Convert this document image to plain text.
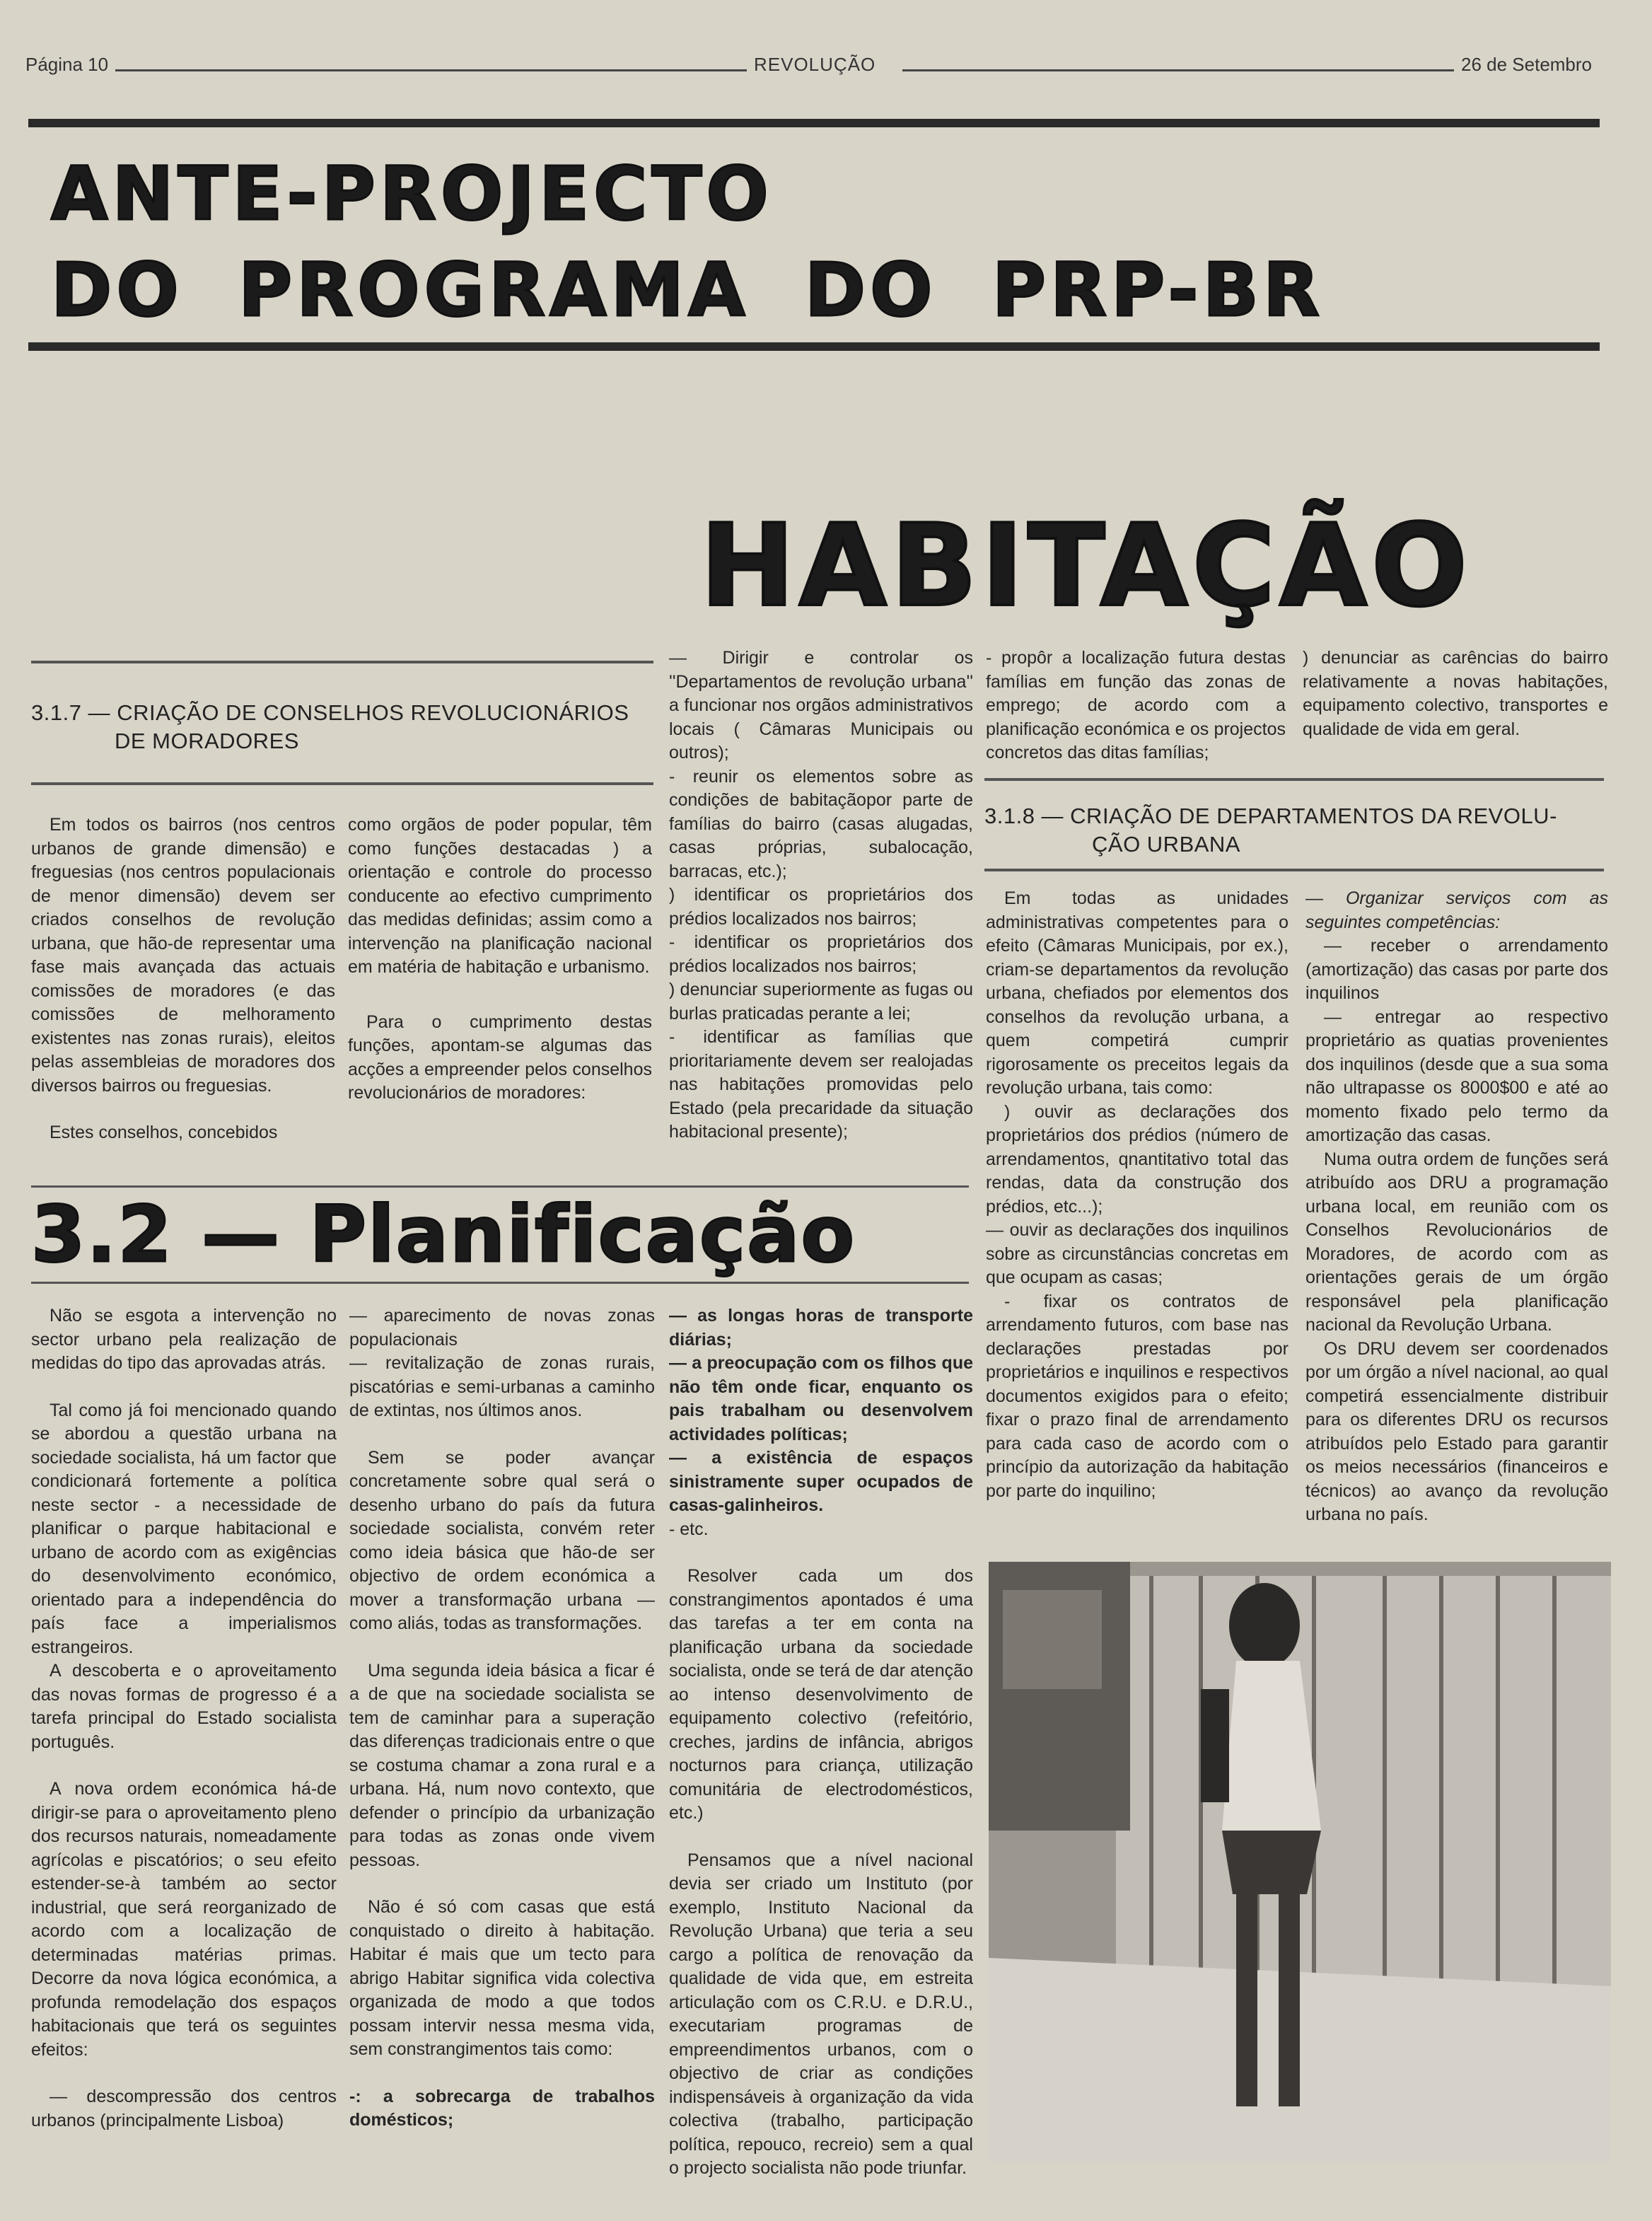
Página 10	REVOLUÇÃO	26 de Setembro
ANTE-PROJECTO
DO PROGRAMA DO PRP-BR
HABITAÇÃO
3.1.7 — CRIAÇÃO DE CONSELHOS REVOLUCIONÁRIOS
DE MORADORES

Em todos os bairros (nos centros urbanos de grande dimensão) e freguesias (nos centros populacionais de menor dimensão) devem ser criados conselhos de revolução urbana, que hão-de representar uma fase mais avançada das actuais comissões de moradores (e das comissões de melhoramento existentes nas zonas rurais), eleitos pelas assembleias de moradores dos diversos bairros ou freguesias.

Estes conselhos, concebidos

como orgãos de poder popular, têm como funções destacadas ) a orientação e controle do processo conducente ao efectivo cumprimento das medidas definidas; assim como a intervenção na planificação nacional em matéria de habitação e urbanismo.

Para o cumprimento destas funções, apontam-se algumas das acções a empreender pelos conselhos revolucionários de moradores:

— Dirigir e controlar os ''Departamentos de revolução urbana'' a funcionar nos orgãos administrativos locais ( Câmaras Municipais ou outros);

- reunir os elementos sobre as condições de babitaçãopor parte de famílias do bairro (casas alugadas, casas próprias, subalocação, barracas, etc.);

) identificar os proprietários dos prédios localizados nos bairros;

- identificar os proprietários dos prédios localizados nos bairros;

) denunciar superiormente as fugas ou burlas praticadas perante a lei;

- identificar as famílias que prioritariamente devem ser realojadas nas habitações promovidas pelo Estado (pela precaridade da situação habitacional presente);

- propôr a localização futura destas famílias em função das zonas de emprego; de acordo com a planificação económica e os projectos concretos das ditas famílias;

) denunciar as carências do bairro relativamente a novas habitações, equipamento colectivo, transportes e qualidade de vida em geral.

3.1.8 — CRIAÇÃO DE DEPARTAMENTOS DA REVOLU-
ÇÃO URBANA

Em todas as unidades administrativas competentes para o efeito (Câmaras Municipais, por ex.), criam-se departamentos da revolução urbana, chefiados por elementos dos conselhos da revolução urbana, a quem competirá cumprir rigorosamente os preceitos legais da revolução urbana, tais como:

) ouvir as declarações dos proprietários dos prédios (número de arrendamentos, qnantitativo total das rendas, data da construção dos prédios, etc...);

— ouvir as declarações dos inquilinos sobre as circunstâncias concretas em que ocupam as casas;

- fixar os contratos de arrendamento futuros, com base nas declarações prestadas por proprietários e inquilinos e respectivos documentos exigidos para o efeito; fixar o prazo final de arrendamento para cada caso de acordo com o princípio da autorização da habitação por parte do inquilino;

— Organizar serviços com as seguintes competências:

— receber o arrendamento (amortização) das casas por parte dos inquilinos

— entregar ao respectivo proprietário as quatias provenientes dos inquilinos (desde que a sua soma não ultrapasse os 8000$00 e até ao momento fixado pelo termo da amortização das casas.

Numa outra ordem de funções será atribuído aos DRU a programação urbana local, em reunião com os Conselhos Revolucionários de Moradores, de acordo com as orientações gerais de um órgão responsável pela planificação nacional da Revolução Urbana.

Os DRU devem ser coordenados por um órgão a nível nacional, ao qual competirá essencialmente distribuir para os diferentes DRU os recursos atribuídos pelo Estado para garantir os meios necessários (financeiros e técnicos) ao avanço da revolução urbana no país.

3.2 — Planificação

Não se esgota a intervenção no sector urbano pela realização de medidas do tipo das aprovadas atrás.

Tal como já foi mencionado quando se abordou a questão urbana na sociedade socialista, há um factor que condicionará fortemente a política neste sector - a necessidade de planificar o parque habitacional e urbano de acordo com as exigências do desenvolvimento económico, orientado para a independência do país face a imperialismos estrangeiros.

A descoberta e o aproveitamento das novas formas de progresso é a tarefa principal do Estado socialista português.

A nova ordem económica há-de dirigir-se para o aproveitamento pleno dos recursos naturais, nomeadamente agrícolas e piscatórios; o seu efeito estender-se-à também ao sector industrial, que será reorganizado de acordo com a localização de determinadas matérias primas. Decorre da nova lógica económica, a profunda remodelação dos espaços habitacionais que terá os seguintes efeitos:

— descompressão dos centros urbanos (principalmente Lisboa)

— aparecimento de novas zonas populacionais

— revitalização de zonas rurais, piscatórias e semi-urbanas a caminho de extintas, nos últimos anos.

Sem se poder avançar concretamente sobre qual será o desenho urbano do país da futura sociedade socialista, convém reter como ideia básica que hão-de ser objectivo de ordem económica a mover a transformação urbana — como aliás, todas as transformações.

Uma segunda ideia básica a ficar é a de que na sociedade socialista se tem de caminhar para a superação das diferenças tradicionais entre o que se costuma chamar a zona rural e a urbana. Há, num novo contexto, que defender o princípio da urbanização para todas as zonas onde vivem pessoas.

Não é só com casas que está conquistado o direito à habitação. Habitar é mais que um tecto para abrigo Habitar significa vida colectiva organizada de modo a que todos possam intervir nessa mesma vida, sem constrangimentos tais como:

-: a sobrecarga de trabalhos domésticos;

— as longas horas de transporte diárias;

— a preocupação com os filhos que não têm onde ficar, enquanto os pais trabalham ou desenvolvem actividades políticas;

— a existência de espaços sinistramente super ocupados de casas-galinheiros.

- etc.

Resolver cada um dos constrangimentos apontados é uma das tarefas a ter em conta na planificação urbana da sociedade socialista, onde se terá de dar atenção ao intenso desenvolvimento de equipamento colectivo (refeitório, creches, jardins de infância, abrigos nocturnos para criança, utilização comunitária de electrodomésticos, etc.)

Pensamos que a nível nacional devia ser criado um Instituto (por exemplo, Instituto Nacional da Revolução Urbana) que teria a seu cargo a política de renovação da qualidade de vida que, em estreita articulação com os C.R.U. e D.R.U., executariam programas de empreendimentos urbanos, com o objectivo de criar as condições indispensáveis à organização da vida colectiva (trabalho, participação política, repouco, recreio) sem a qual o projecto socialista não pode triunfar.
